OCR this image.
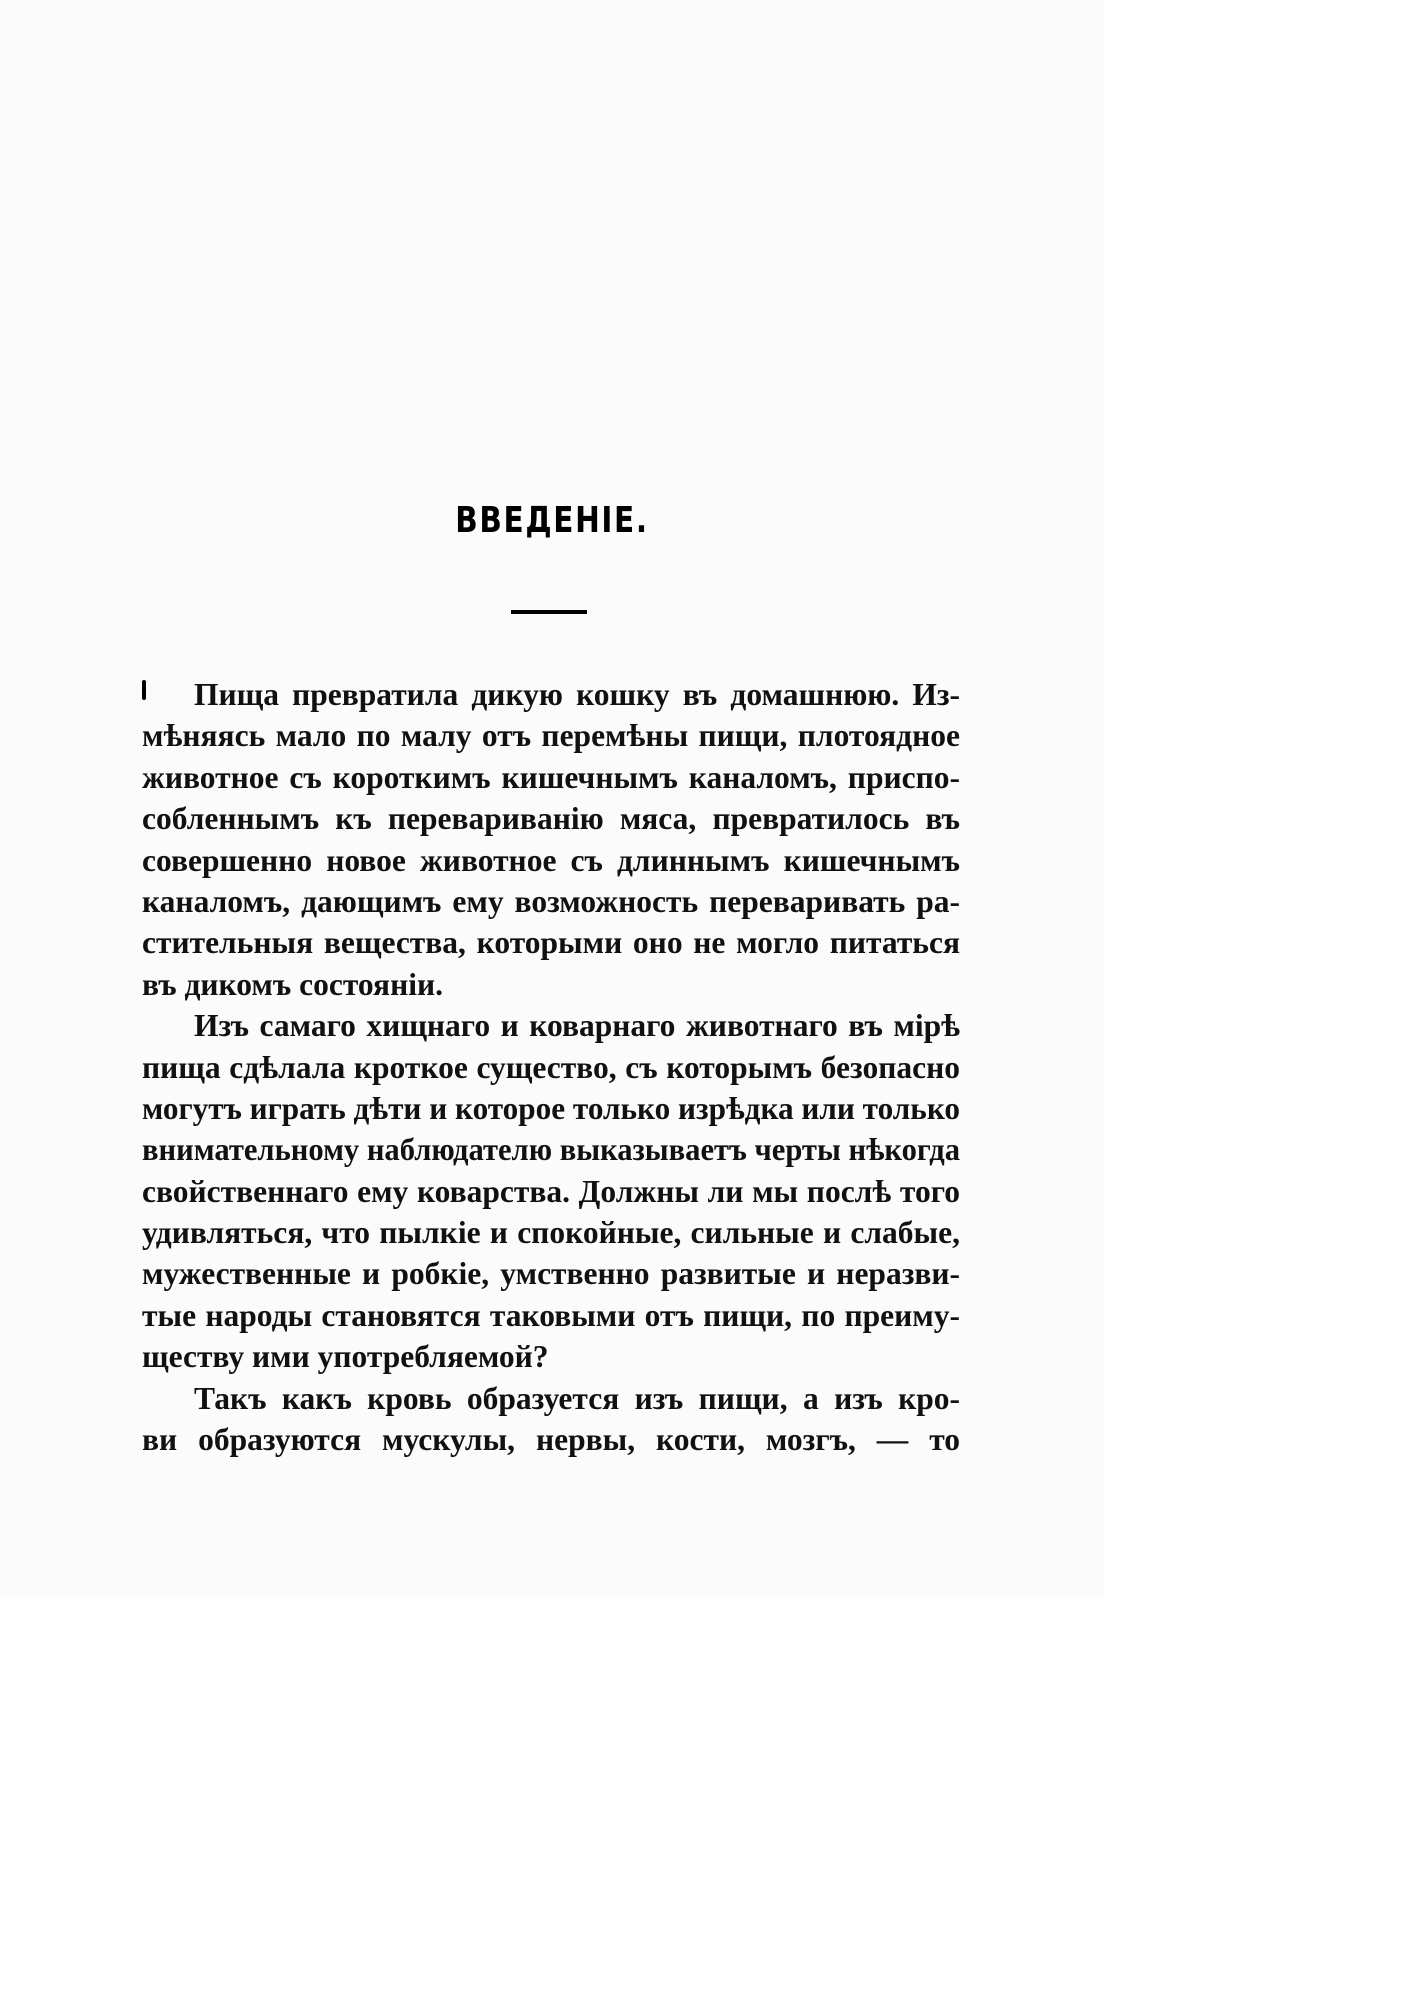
ВВЕДЕНІЕ.
Пища превратила дикую кошку въ домашнюю. Из-
мѣняясь мало по малу отъ перемѣны пищи, плотоядное
животное съ короткимъ кишечнымъ каналомъ, приспо-
собленнымъ къ перевариванію мяса, превратилось въ
совершенно новое животное съ длиннымъ кишечнымъ
каналомъ, дающимъ ему возможность переваривать ра-
стительныя вещества, которыми оно не могло питаться
въ дикомъ состояніи.
Изъ самаго хищнаго и коварнаго животнаго въ мірѣ
пища сдѣлала кроткое существо, съ которымъ безопасно
могутъ играть дѣти и которое только изрѣдка или только
внимательному наблюдателю выказываетъ черты нѣкогда
свойственнаго ему коварства. Должны ли мы послѣ того
удивляться, что пылкіе и спокойные, сильные и слабые,
мужественные и робкіе, умственно развитые и неразви-
тые народы становятся таковыми отъ пищи, по преиму-
ществу ими употребляемой?
Такъ какъ кровь образуется изъ пищи, а изъ кро-
ви образуются мускулы, нервы, кости, мозгъ, — то
